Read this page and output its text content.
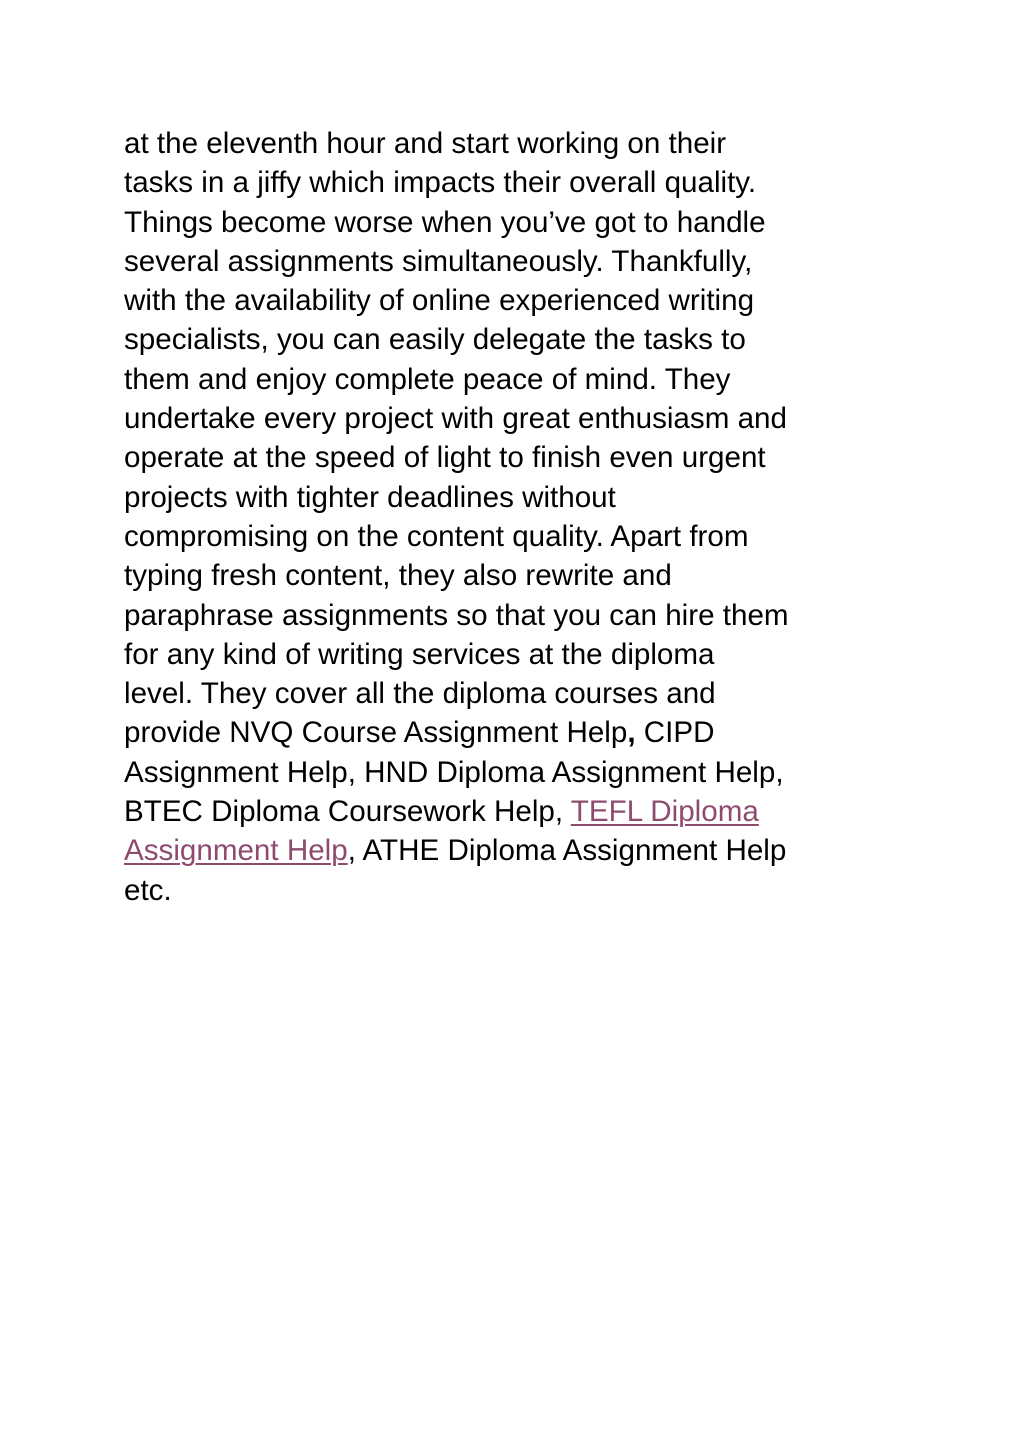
at the eleventh hour and start working on their
tasks in a jiffy which impacts their overall quality.
Things become worse when you’ve got to handle
several assignments simultaneously. Thankfully,
with the availability of online experienced writing
specialists, you can easily delegate the tasks to
them and enjoy complete peace of mind. They
undertake every project with great enthusiasm and
operate at the speed of light to finish even urgent
projects with tighter deadlines without
compromising on the content quality. Apart from
typing fresh content, they also rewrite and
paraphrase assignments so that you can hire them
for any kind of writing services at the diploma
level. They cover all the diploma courses and
provide NVQ Course Assignment Help, CIPD
Assignment Help, HND Diploma Assignment Help,
BTEC Diploma Coursework Help, TEFL Diploma
Assignment Help, ATHE Diploma Assignment Help
etc.
